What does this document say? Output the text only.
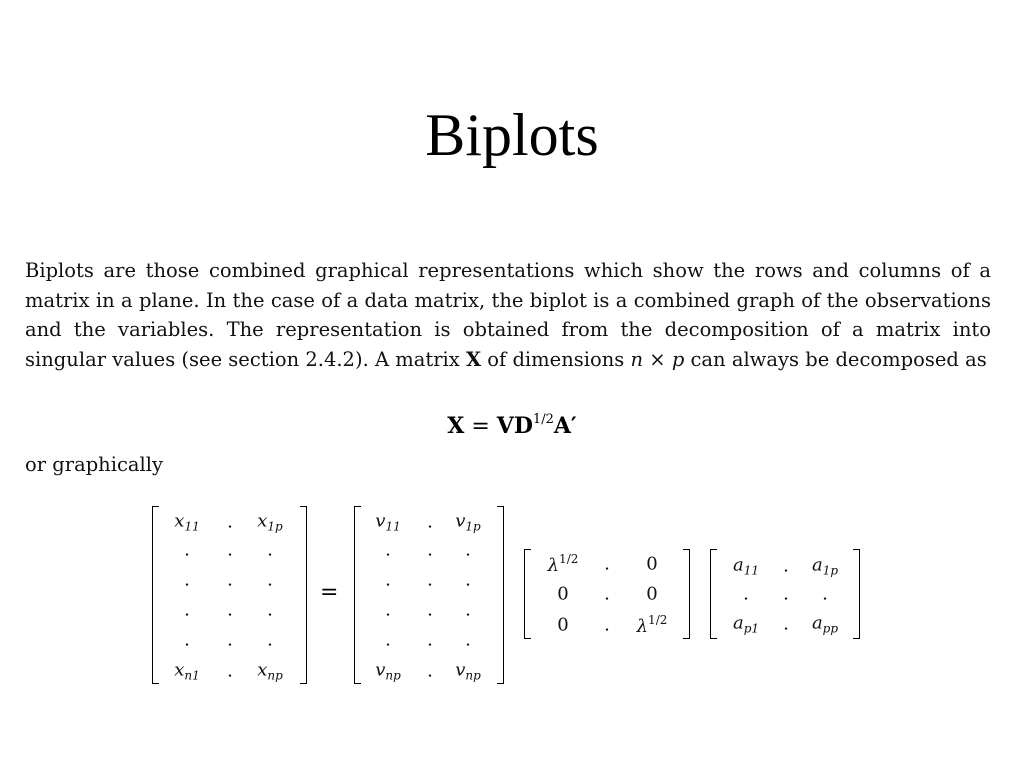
Biplots
Biplots are those combined graphical representations which show the rows and columns of a matrix in a plane. In the case of a data matrix, the biplot is a combined graph of the observations and the variables. The representation is obtained from the decomposition of a matrix into singular values (see section 2.4.2). A matrix X of dimensions n × p can always be decomposed as
$X = VD^{1/2}A'$
or graphically
$x_{11}$ . $x_{1p}$
. . .
. . .
. . .
. . .
$x_{n1}$ . $x_{np}$
=
$v_{11}$ . $v_{1p}$
. . .
. . .
. . .
. . .
$v_{np}$ . $v_{np}$
$\lambda^{1/2}$ . 0
0 . 0
0 . $\lambda^{1/2}$
$a_{11}$ . $a_{1p}$
. . .
$a_{p1}$ . $a_{pp}$
